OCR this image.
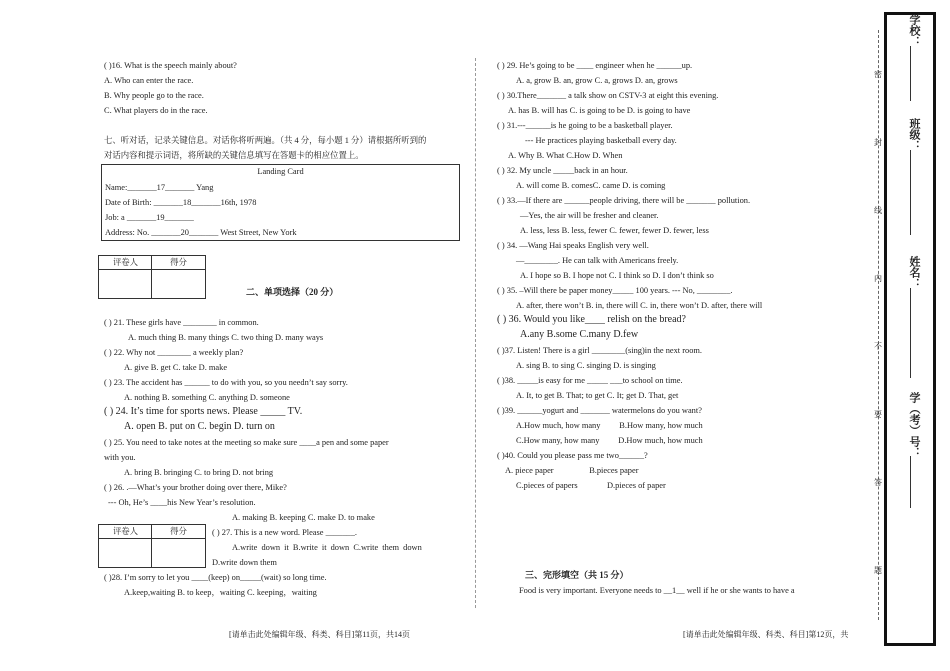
( )16. What is the speech mainly about?
A. Who can enter the race.
B. Why people go to the race.
C. What players do in the race.
七、听对话，记录关键信息。对话你将听两遍。（共 4 分，每小题 1 分）请根据所听到的
对话内容和提示词语，将所缺的关键信息填写在答题卡的相应位置上。
Landing Card
Name:_______17_______ Yang
Date of Birth: _______18_______16th, 1978
Job: a _______19_______
Address: No. _______20_______ West Street, New York
评卷人	得分
二、单项选择（20 分）
( ) 21. These girls have ________ in common.
A. much thing B. many things C. two thing D. many ways
( ) 22. Why not ________ a weekly plan?
A. give B. get C. take D. make
( ) 23. The accident has ______ to do with you, so you needn’t say sorry.
A. nothing B. something C. anything D. someone
( ) 24. It’s time for sports news. Please _____ TV.
A. open B. put on C. begin D. turn on
( ) 25. You need to take notes at the meeting so make sure ____a pen and some paper
with you.
A. bring B. bringing C. to bring D. not bring
( ) 26. .—What’s your brother doing over there, Mike?
--- Oh, He’s ____his New Year’s resolution.
A. making B. keeping C. make D. to make
评卷人	得分	( ) 27. This is a new word. Please _______.
A.write down it B.write it down C.write them down
D.write down them
( )28. I’m sorry to let you ____(keep) on_____(wait) so long time.
A.keep,waiting B. to keep，waiting C. keeping，waiting
[请单击此处编辑年级、科类、科目]第11页，共14页
( ) 29. He’s going to be ____ engineer when he ______up.
A. a, grow B. an, grow C. a, grows D. an, grows
( ) 30.There_______ a talk show on CSTV-3 at eight this evening.
A. has B. will has C. is going to be D. is going to have
( ) 31.---______is he going to be a basketball player.
--- He practices playing basketball every day.
A. Why B. What C.How D. When
( ) 32. My uncle _____back in an hour.
A. will come B. comesC. came D. is coming
( ) 33.—If there are ______people driving, there will be _______ pollution.
—Yes, the air will be fresher and cleaner.
A. less, less B. less, fewer C. fewer, fewer D. fewer, less
( ) 34. —Wang Hai speaks English very well.
—________. He can talk with Americans freely.
A. I hope so B. I hope not C. I think so D. I don’t think so
( ) 35. –Will there be paper money_____ 100 years. --- No, ________.
A. after, there won’t B. in, there will C. in, there won’t D. after, there will
( ) 36. Would you like____ relish on the bread?
A.any B.some C.many D.few
( )37. Listen! There is a girl ________(sing)in the next room.
A. sing B. to sing C. singing D. is singing
( )38. _____is easy for me _____ ___to school on time.
A. It, to get B. That; to get C. It; get D. That, get
( )39. ______yogurt and _______ watermelons do you want?
A.How much, how many         B.How many, how much
C.How many, how many         D.How much, how much
( )40. Could you please pass me two______?
A. piece paper                 B.pieces paper
C.pieces of papers              D.pieces of paper
三、完形填空（共 15 分）
Food is very important. Everyone needs to __1__ well if he or she wants to have a
[请单击此处编辑年级、科类、科目]第12页，共
密
封
线
内
不
要
答
题
学校：
班级：
姓名：
学（考）号：
